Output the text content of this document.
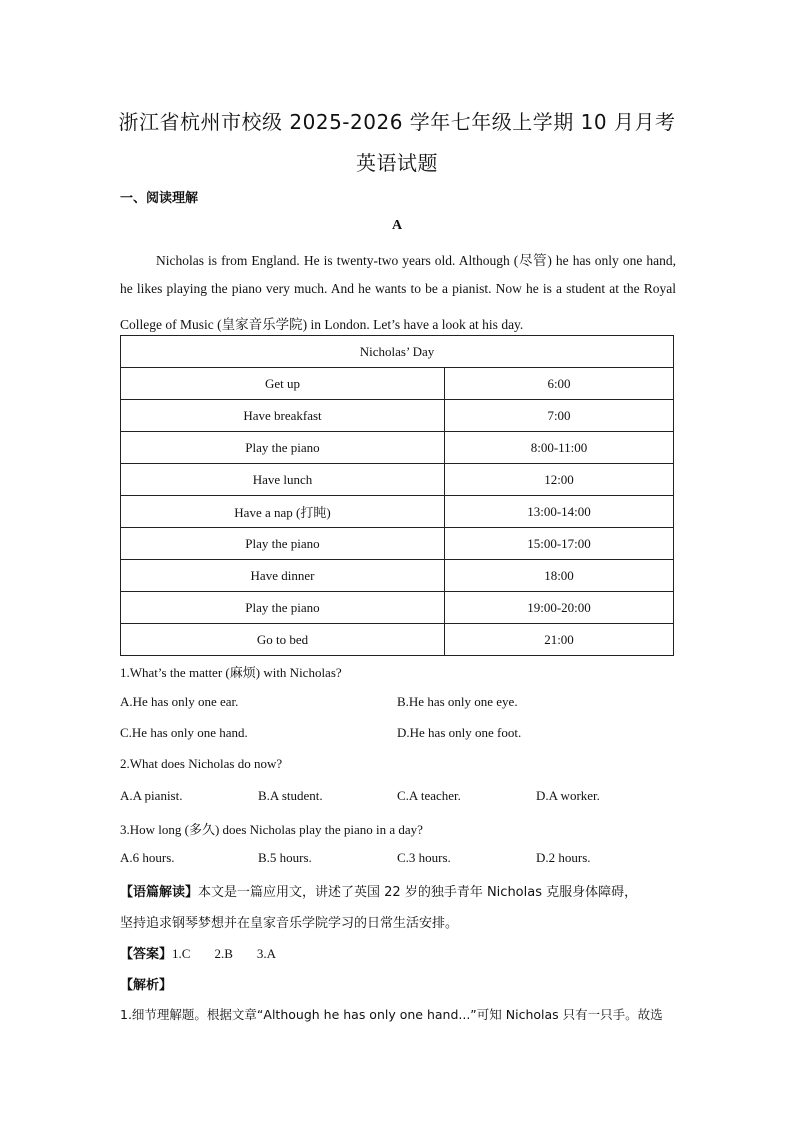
浙江省杭州市校级 2025-2026 学年七年级上学期 10 月月考
英语试题
一、阅读理解
A
Nicholas is from England. He is twenty-two years old. Although (尽管) he has only one hand,
he likes playing the piano very much. And he wants to be a pianist. Now he is a student at the Royal
College of Music (皇家音乐学院) in London. Let’s have a look at his day.
Nicholas’ Day	
Get up	6:00
Have breakfast	7:00
Play the piano	8:00-11:00
Have lunch	12:00
Have a nap (打盹)	13:00-14:00
Play the piano	15:00-17:00
Have dinner	18:00
Play the piano	19:00-20:00
Go to bed	21:00
1.What’s the matter (麻烦) with Nicholas?
A.He has only one ear.	B.He has only one eye.
C.He has only one hand.	D.He has only one foot.
2.What does Nicholas do now?
A.A pianist.	B.A student.	C.A teacher.	D.A worker.
3.How long (多久) does Nicholas play the piano in a day?
A.6 hours.	B.5 hours.	C.3 hours.	D.2 hours.
【语篇解读】本文是一篇应用文，讲述了英国 22 岁的独手青年 Nicholas 克服身体障碍，
坚持追求钢琴梦想并在皇家音乐学院学习的日常生活安排。
【答案】1.C 2.B 3.A
【解析】
1.细节理解题。根据文章“Although he has only one hand...”可知 Nicholas 只有一只手。故选
